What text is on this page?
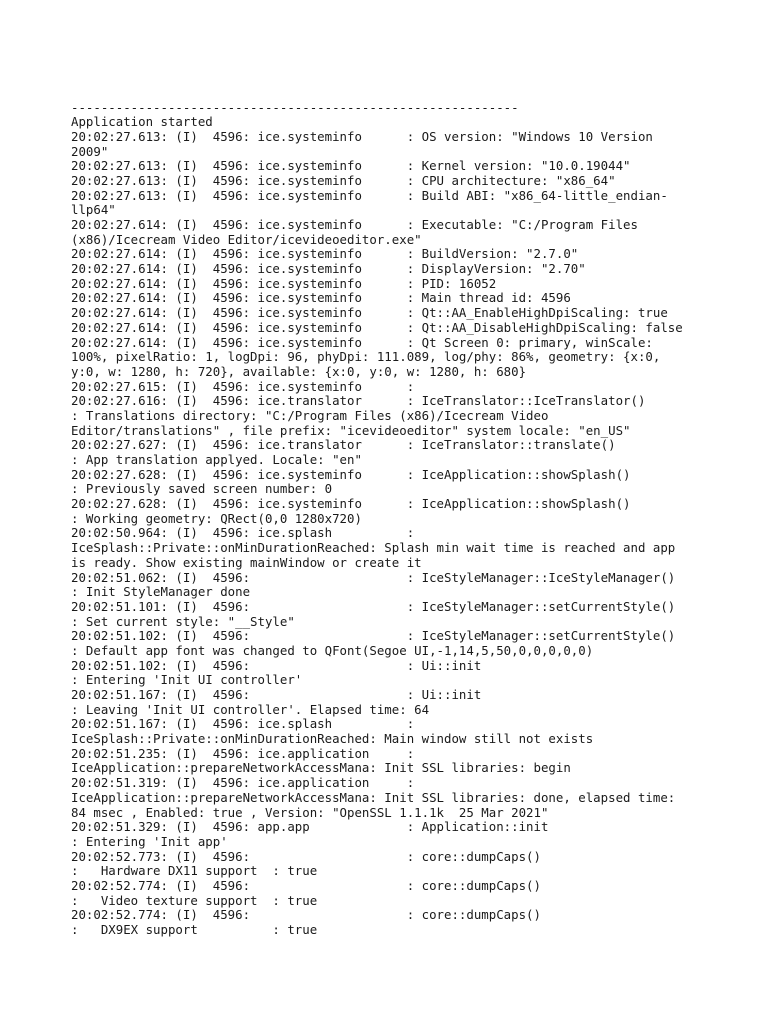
------------------------------------------------------------
Application started
20:02:27.613: (I)  4596: ice.systeminfo      : OS version: "Windows 10 Version
2009"
20:02:27.613: (I)  4596: ice.systeminfo      : Kernel version: "10.0.19044"
20:02:27.613: (I)  4596: ice.systeminfo      : CPU architecture: "x86_64"
20:02:27.613: (I)  4596: ice.systeminfo      : Build ABI: "x86_64-little_endian-
llp64"
20:02:27.614: (I)  4596: ice.systeminfo      : Executable: "C:/Program Files
(x86)/Icecream Video Editor/icevideoeditor.exe"
20:02:27.614: (I)  4596: ice.systeminfo      : BuildVersion: "2.7.0"
20:02:27.614: (I)  4596: ice.systeminfo      : DisplayVersion: "2.70"
20:02:27.614: (I)  4596: ice.systeminfo      : PID: 16052
20:02:27.614: (I)  4596: ice.systeminfo      : Main thread id: 4596
20:02:27.614: (I)  4596: ice.systeminfo      : Qt::AA_EnableHighDpiScaling: true
20:02:27.614: (I)  4596: ice.systeminfo      : Qt::AA_DisableHighDpiScaling: false
20:02:27.614: (I)  4596: ice.systeminfo      : Qt Screen 0: primary, winScale:
100%, pixelRatio: 1, logDpi: 96, phyDpi: 111.089, log/phy: 86%, geometry: {x:0,
y:0, w: 1280, h: 720}, available: {x:0, y:0, w: 1280, h: 680}
20:02:27.615: (I)  4596: ice.systeminfo      :
20:02:27.616: (I)  4596: ice.translator      : IceTranslator::IceTranslator()
: Translations directory: "C:/Program Files (x86)/Icecream Video
Editor/translations" , file prefix: "icevideoeditor" system locale: "en_US"
20:02:27.627: (I)  4596: ice.translator      : IceTranslator::translate()
: App translation applyed. Locale: "en"
20:02:27.628: (I)  4596: ice.systeminfo      : IceApplication::showSplash()
: Previously saved screen number: 0
20:02:27.628: (I)  4596: ice.systeminfo      : IceApplication::showSplash()
: Working geometry: QRect(0,0 1280x720)
20:02:50.964: (I)  4596: ice.splash          :
IceSplash::Private::onMinDurationReached: Splash min wait time is reached and app
is ready. Show existing mainWindow or create it
20:02:51.062: (I)  4596:                     : IceStyleManager::IceStyleManager()
: Init StyleManager done
20:02:51.101: (I)  4596:                     : IceStyleManager::setCurrentStyle()
: Set current style: "__Style"
20:02:51.102: (I)  4596:                     : IceStyleManager::setCurrentStyle()
: Default app font was changed to QFont(Segoe UI,-1,14,5,50,0,0,0,0,0)
20:02:51.102: (I)  4596:                     : Ui::init
: Entering 'Init UI controller'
20:02:51.167: (I)  4596:                     : Ui::init
: Leaving 'Init UI controller'. Elapsed time: 64
20:02:51.167: (I)  4596: ice.splash          :
IceSplash::Private::onMinDurationReached: Main window still not exists
20:02:51.235: (I)  4596: ice.application     :
IceApplication::prepareNetworkAccessMana: Init SSL libraries: begin
20:02:51.319: (I)  4596: ice.application     :
IceApplication::prepareNetworkAccessMana: Init SSL libraries: done, elapsed time:
84 msec , Enabled: true , Version: "OpenSSL 1.1.1k  25 Mar 2021"
20:02:51.329: (I)  4596: app.app             : Application::init
: Entering 'Init app'
20:02:52.773: (I)  4596:                     : core::dumpCaps()
:   Hardware DX11 support  : true
20:02:52.774: (I)  4596:                     : core::dumpCaps()
:   Video texture support  : true
20:02:52.774: (I)  4596:                     : core::dumpCaps()
:   DX9EX support          : true
